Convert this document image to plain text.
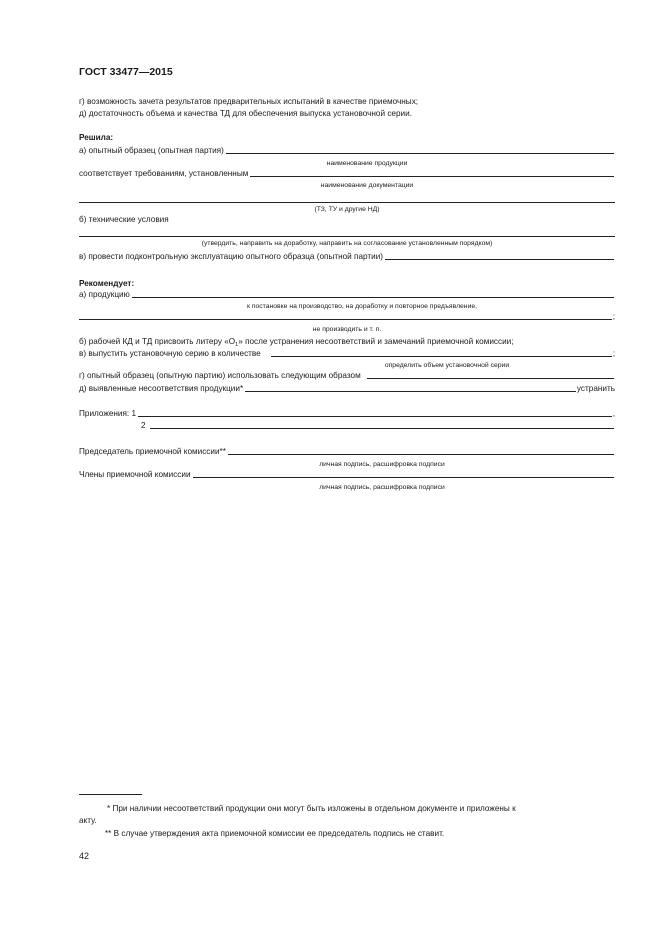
ГОСТ 33477—2015
г) возможность зачета результатов предварительных испытаний в качестве приемочных;
д) достаточность объема и качества ТД для обеспечения выпуска установочной серии.
Решила:
а) опытный образец (опытная партия)
наименование продукции
соответствует требованиям, установленным
наименование документации
(ТЗ, ТУ и другие НД)
б) технические условия
(утвердить, направить на доработку, направить на согласование установленным порядком)
в) провести подконтрольную эксплуатацию опытного образца (опытной партии)
Рекомендует:
а) продукцию
к постановке на производство, на доработку и повторное предъявление,
;
не производить и т. п.
б) рабочей КД и ТД присвоить литеру «$О_1$» после устранения несоответствий и замечаний приемочной комиссии;
в) выпустить установочную серию в количестве	;
определить объем установочной серии
г) опытный образец (опытную партию) использовать следующим образом
д) выявленные несоответствия продукции*	устранить
Приложения: 1	,
2
Председатель приемочной комиссии**
личная подпись, расшифровка подписи
Члены приемочной комиссии
личная подпись, расшифровка подписи
* При наличии несоответствий продукции они могут быть изложены в отдельном документе и приложены к
акту.
** В случае утверждения акта приемочной комиссии ее председатель подпись не ставит.
42
